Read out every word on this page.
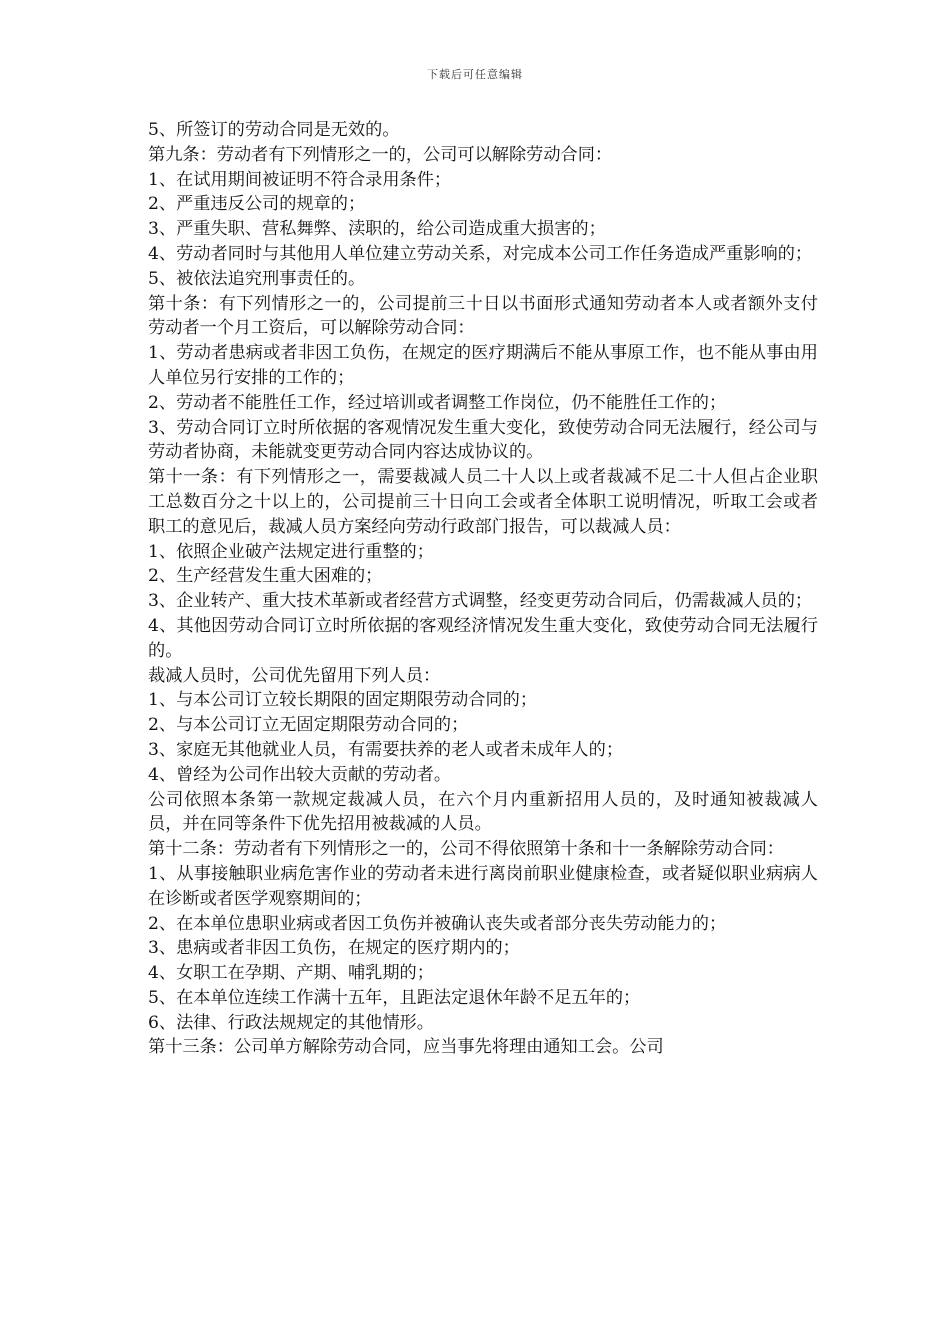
下载后可任意编辑

5、所签订的劳动合同是无效的。

第九条：劳动者有下列情形之一的，公司可以解除劳动合同：

1、在试用期间被证明不符合录用条件；

2、严重违反公司的规章的；

3、严重失职、营私舞弊、渎职的，给公司造成重大损害的；

4、劳动者同时与其他用人单位建立劳动关系，对完成本公司工作任务造成严重影响的；

5、被依法追究刑事责任的。

第十条：有下列情形之一的，公司提前三十日以书面形式通知劳动者本人或者额外支付劳动者一个月工资后，可以解除劳动合同：

1、劳动者患病或者非因工负伤，在规定的医疗期满后不能从事原工作，也不能从事由用人单位另行安排的工作的；

2、劳动者不能胜任工作，经过培训或者调整工作岗位，仍不能胜任工作的；

3、劳动合同订立时所依据的客观情况发生重大变化，致使劳动合同无法履行，经公司与劳动者协商，未能就变更劳动合同内容达成协议的。

第十一条：有下列情形之一，需要裁减人员二十人以上或者裁减不足二十人但占企业职工总数百分之十以上的，公司提前三十日向工会或者全体职工说明情况，听取工会或者职工的意见后，裁减人员方案经向劳动行政部门报告，可以裁减人员：

1、依照企业破产法规定进行重整的；

2、生产经营发生重大困难的；

3、企业转产、重大技术革新或者经营方式调整，经变更劳动合同后，仍需裁减人员的；

4、其他因劳动合同订立时所依据的客观经济情况发生重大变化，致使劳动合同无法履行的。

裁减人员时，公司优先留用下列人员：

1、与本公司订立较长期限的固定期限劳动合同的；

2、与本公司订立无固定期限劳动合同的；

3、家庭无其他就业人员，有需要扶养的老人或者未成年人的；

4、曾经为公司作出较大贡献的劳动者。

公司依照本条第一款规定裁减人员，在六个月内重新招用人员的，及时通知被裁减人员，并在同等条件下优先招用被裁减的人员。

第十二条：劳动者有下列情形之一的，公司不得依照第十条和十一条解除劳动合同：

1、从事接触职业病危害作业的劳动者未进行离岗前职业健康检查，或者疑似职业病病人在诊断或者医学观察期间的；

2、在本单位患职业病或者因工负伤并被确认丧失或者部分丧失劳动能力的；

3、患病或者非因工负伤，在规定的医疗期内的；

4、女职工在孕期、产期、哺乳期的；

5、在本单位连续工作满十五年，且距法定退休年龄不足五年的；

6、法律、行政法规规定的其他情形。

第十三条：公司单方解除劳动合同，应当事先将理由通知工会。公司
